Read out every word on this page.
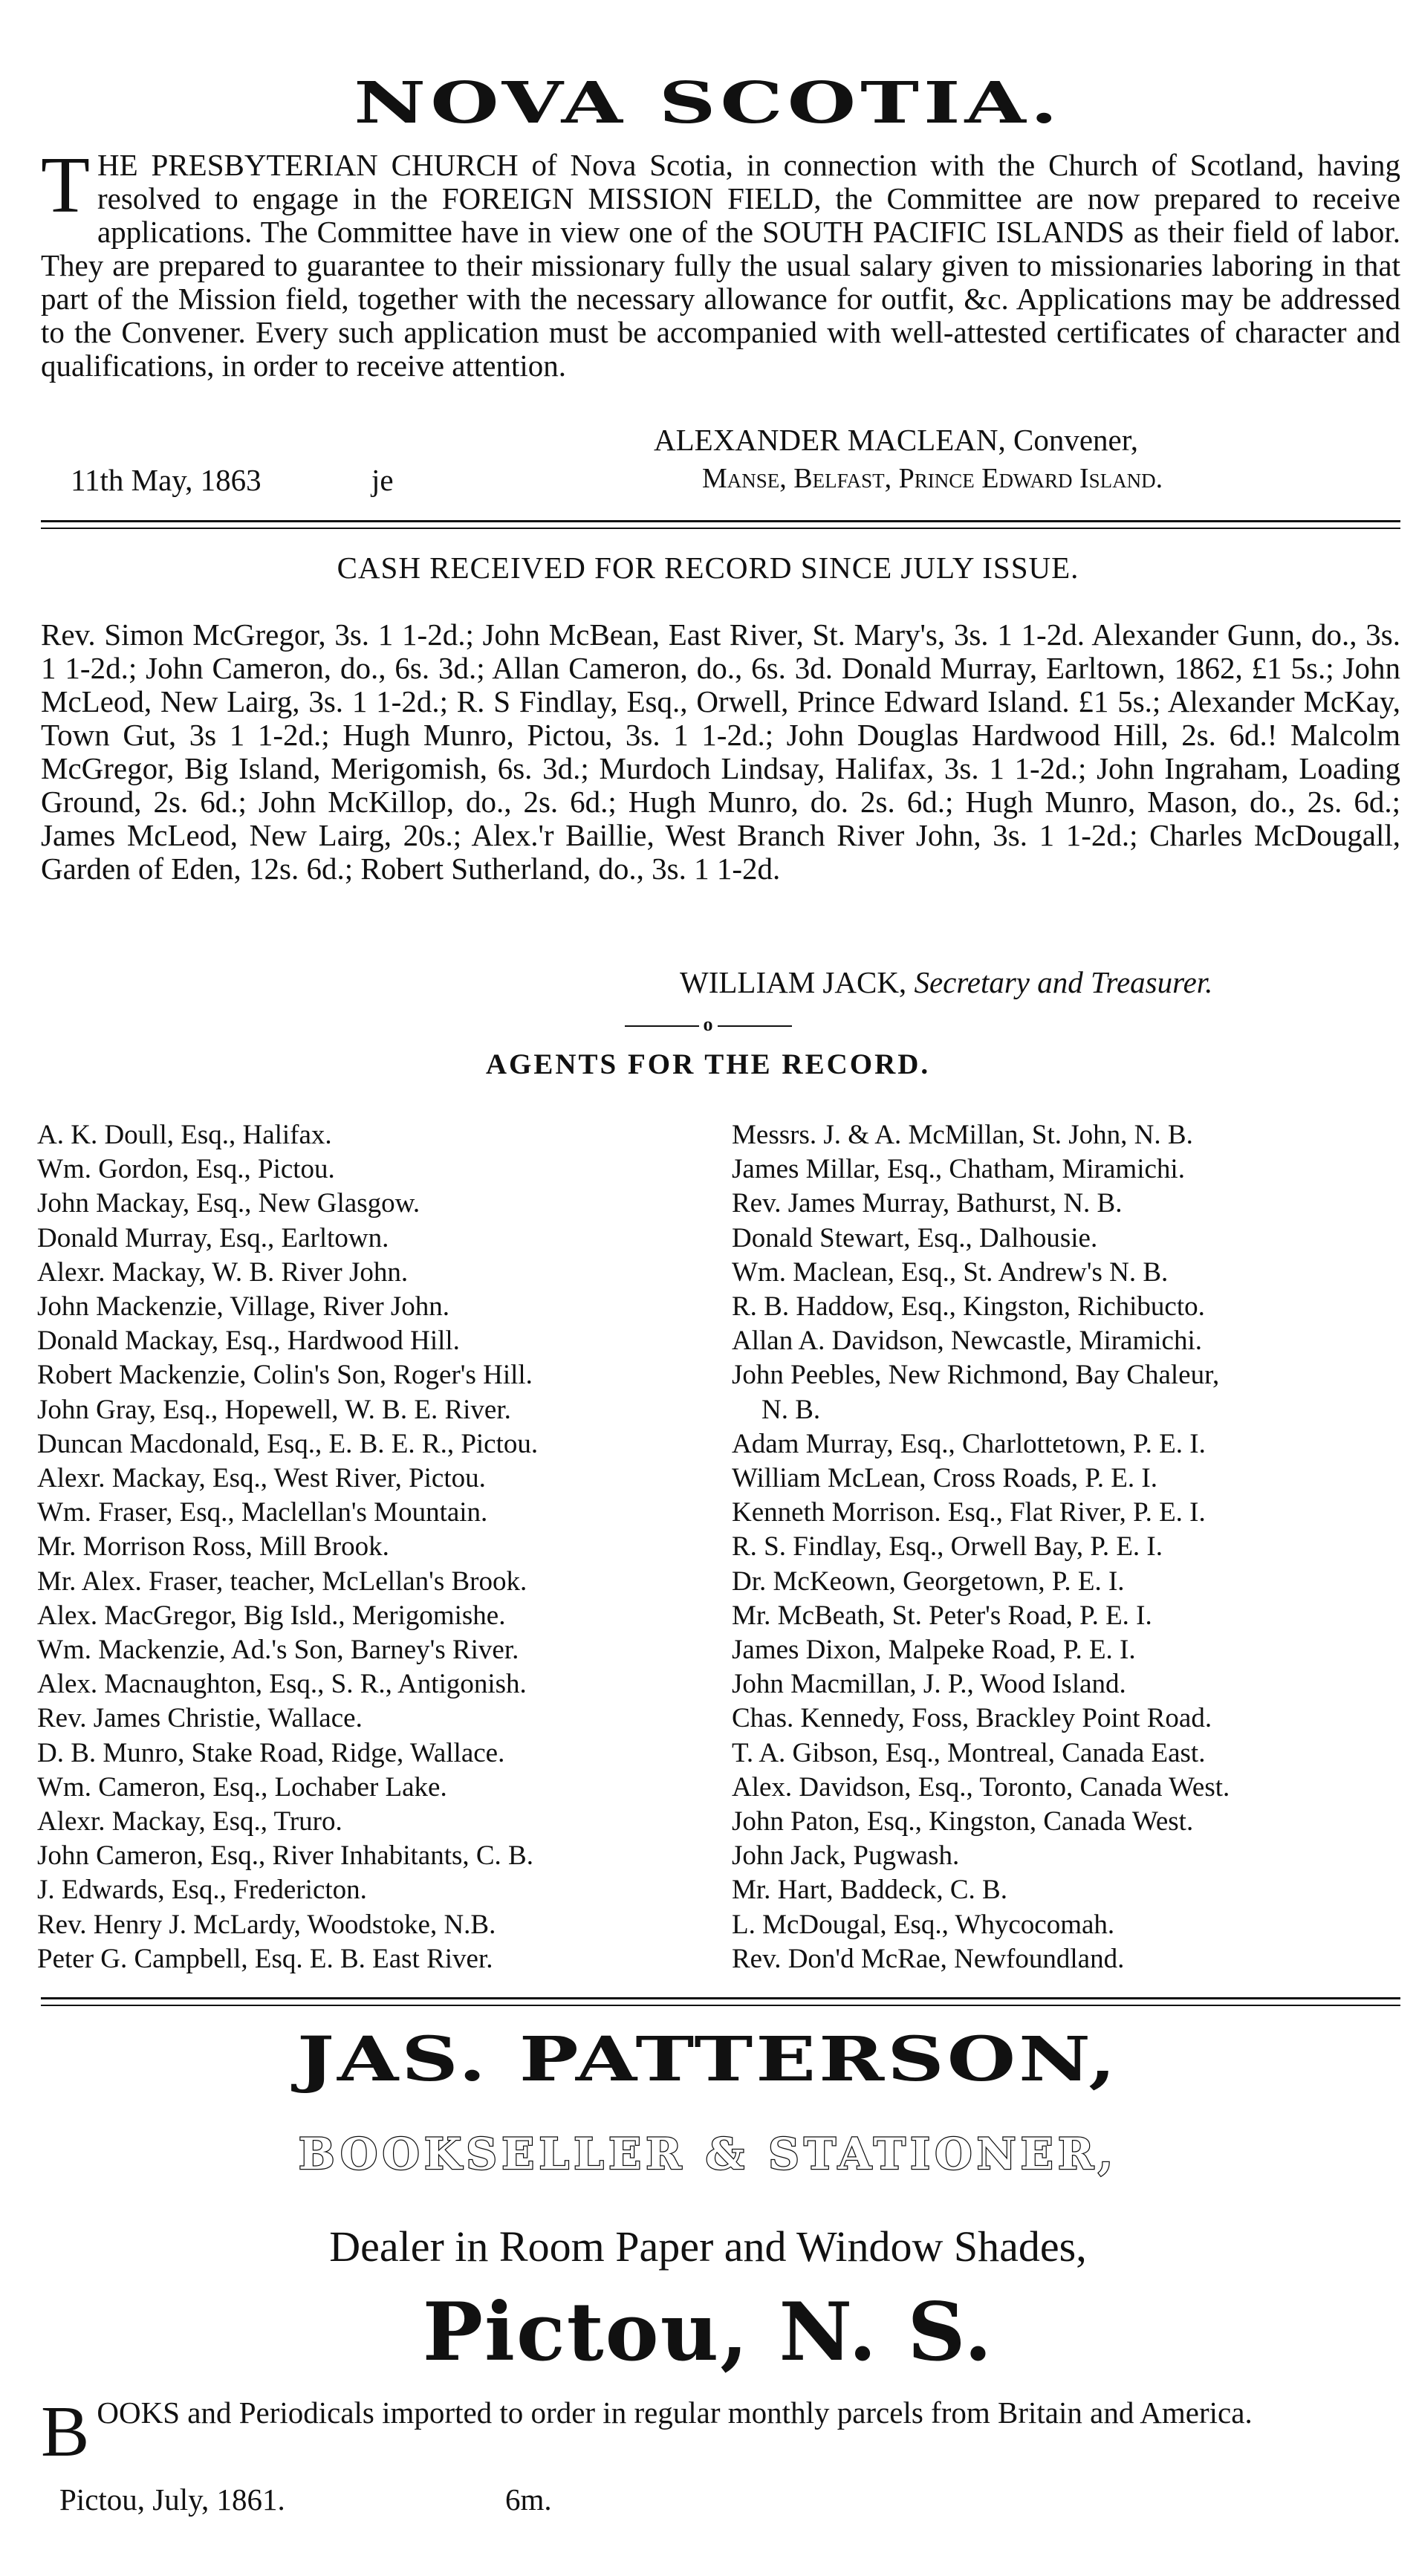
NOVA SCOTIA.
THE PRESBYTERIAN CHURCH of Nova Scotia, in connection with the Church of Scotland, having resolved to engage in the FOREIGN MISSION FIELD, the Committee are now prepared to receive applications. The Committee have in view one of the SOUTH PACIFIC ISLANDS as their field of labor. They are prepared to guarantee to their missionary fully the usual salary given to missionaries laboring in that part of the Mission field, together with the necessary allowance for outfit, &c. Applications may be addressed to the Convener. Every such application must be accompanied with well-attested certificates of character and qualifications, in order to receive attention.
ALEXANDER MACLEAN, Convener,
11th May, 1863	je	Manse, Belfast, Prince Edward Island.
CASH RECEIVED FOR RECORD SINCE JULY ISSUE.

Rev. Simon McGregor, 3s. 1 1-2d.; John McBean, East River, St. Mary's, 3s. 1 1-2d. Alexander Gunn, do., 3s. 1 1-2d.; John Cameron, do., 6s. 3d.; Allan Cameron, do., 6s. 3d. Donald Murray, Earltown, 1862, £1 5s.; John McLeod, New Lairg, 3s. 1 1-2d.; R. S Findlay, Esq., Orwell, Prince Edward Island. £1 5s.; Alexander McKay, Town Gut, 3s 1 1-2d.; Hugh Munro, Pictou, 3s. 1 1-2d.; John Douglas Hardwood Hill, 2s. 6d.! Malcolm McGregor, Big Island, Merigomish, 6s. 3d.; Murdoch Lindsay, Halifax, 3s. 1 1-2d.; John Ingraham, Loading Ground, 2s. 6d.; John McKillop, do., 2s. 6d.; Hugh Munro, do. 2s. 6d.; Hugh Munro, Mason, do., 2s. 6d.; James McLeod, New Lairg, 20s.; Alex.'r Baillie, West Branch River John, 3s. 1 1-2d.; Charles McDougall, Garden of Eden, 12s. 6d.; Robert Sutherland, do., 3s. 1 1-2d.

WILLIAM JACK, Secretary and Treasurer.
o
AGENTS FOR THE RECORD.
A. K. Doull, Esq., Halifax.
Wm. Gordon, Esq., Pictou.
John Mackay, Esq., New Glasgow.
Donald Murray, Esq., Earltown.
Alexr. Mackay, W. B. River John.
John Mackenzie, Village, River John.
Donald Mackay, Esq., Hardwood Hill.
Robert Mackenzie, Colin's Son, Roger's Hill.
John Gray, Esq., Hopewell, W. B. E. River.
Duncan Macdonald, Esq., E. B. E. R., Pictou.
Alexr. Mackay, Esq., West River, Pictou.
Wm. Fraser, Esq., Maclellan's Mountain.
Mr. Morrison Ross, Mill Brook.
Mr. Alex. Fraser, teacher, McLellan's Brook.
Alex. MacGregor, Big Isld., Merigomishe.
Wm. Mackenzie, Ad.'s Son, Barney's River.
Alex. Macnaughton, Esq., S. R., Antigonish.
Rev. James Christie, Wallace.
D. B. Munro, Stake Road, Ridge, Wallace.
Wm. Cameron, Esq., Lochaber Lake.
Alexr. Mackay, Esq., Truro.
John Cameron, Esq., River Inhabitants, C. B.
J. Edwards, Esq., Fredericton.
Rev. Henry J. McLardy, Woodstoke, N.B.
Peter G. Campbell, Esq. E. B. East River.
Messrs. J. & A. McMillan, St. John, N. B.
James Millar, Esq., Chatham, Miramichi.
Rev. James Murray, Bathurst, N. B.
Donald Stewart, Esq., Dalhousie.
Wm. Maclean, Esq., St. Andrew's N. B.
R. B. Haddow, Esq., Kingston, Richibucto.
Allan A. Davidson, Newcastle, Miramichi.
John Peebles, New Richmond, Bay Chaleur,
N. B.
Adam Murray, Esq., Charlottetown, P. E. I.
William McLean, Cross Roads, P. E. I.
Kenneth Morrison. Esq., Flat River, P. E. I.
R. S. Findlay, Esq., Orwell Bay, P. E. I.
Dr. McKeown, Georgetown, P. E. I.
Mr. McBeath, St. Peter's Road, P. E. I.
James Dixon, Malpeke Road, P. E. I.
John Macmillan, J. P., Wood Island.
Chas. Kennedy, Foss, Brackley Point Road.
T. A. Gibson, Esq., Montreal, Canada East.
Alex. Davidson, Esq., Toronto, Canada West.
John Paton, Esq., Kingston, Canada West.
John Jack, Pugwash.
Mr. Hart, Baddeck, C. B.
L. McDougal, Esq., Whycocomah.
Rev. Don'd McRae, Newfoundland.
JAS. PATTERSON,
BOOKSELLER & STATIONER,
Dealer in Room Paper and Window Shades,
Pictou, N. S.
BOOKS and Periodicals imported to order in regular monthly parcels from Britain and America.
Pictou, July, 1861.	6m.
